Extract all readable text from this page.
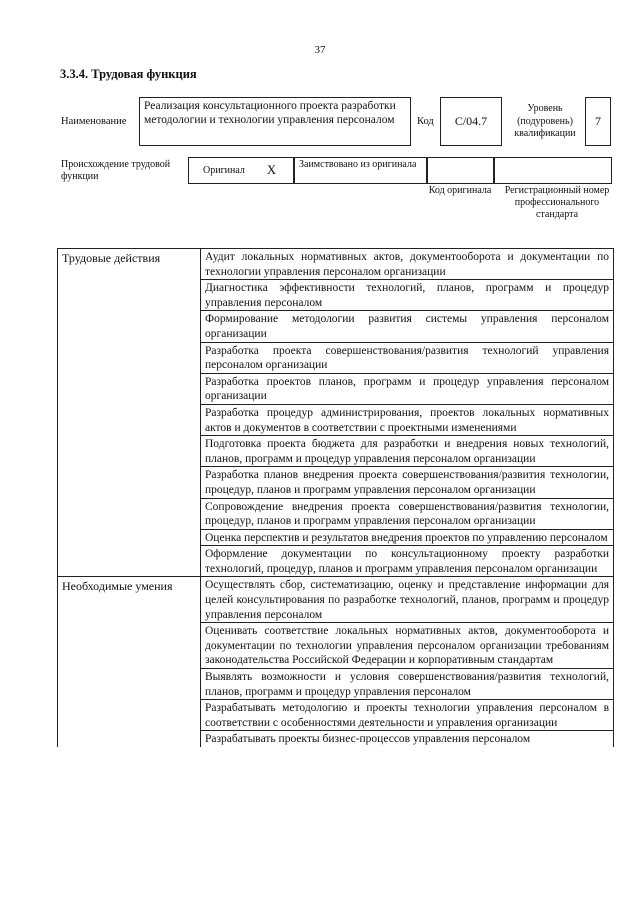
37
3.3.4. Трудовая функция
Наименование
Реализация консультационного проекта разработки методологии и технологии управления персоналом	Код	C/04.7
Уровень (подуровень) квалификации
7
Происхождение трудовой функции
Оригинал X Заимствовано из оригинала
Код оригинала	Регистрационный номер профессионального стандарта
Трудовые действия	Аудит локальных нормативных актов, документооборота и документации по технологии управления персоналом организации
	Диагностика эффективности технологий, планов, программ и процедур управления персоналом
	Формирование методологии развития системы управления персоналом организации
	Разработка проекта совершенствования/развития технологий управления персоналом организации
	Разработка проектов планов, программ и процедур управления персоналом организации
	Разработка процедур администрирования, проектов локальных нормативных актов и документов в соответствии с проектными изменениями
	Подготовка проекта бюджета для разработки и внедрения новых технологий, планов, программ и процедур управления персоналом организации
	Разработка планов внедрения проекта совершенствования/развития технологии, процедур, планов и программ управления персоналом организации
	Сопровождение внедрения проекта совершенствования/развития технологии, процедур, планов и программ управления персоналом организации
	Оценка перспектив и результатов внедрения проектов по управлению персоналом
	Оформление документации по консультационному проекту разработки технологий, процедур, планов и программ управления персоналом организации
Необходимые умения	Осуществлять сбор, систематизацию, оценку и представление информации для целей консультирования по разработке технологий, планов, программ и процедур управления персоналом
	Оценивать соответствие локальных нормативных актов, документооборота и документации по технологии управления персоналом организации требованиям законодательства Российской Федерации и корпоративным стандартам
	Выявлять возможности и условия совершенствования/развития технологий, планов, программ и процедур управления персоналом
	Разрабатывать методологию и проекты технологии управления персоналом в соответствии с особенностями деятельности и управления организации
	Разрабатывать проекты бизнес-процессов управления персоналом
